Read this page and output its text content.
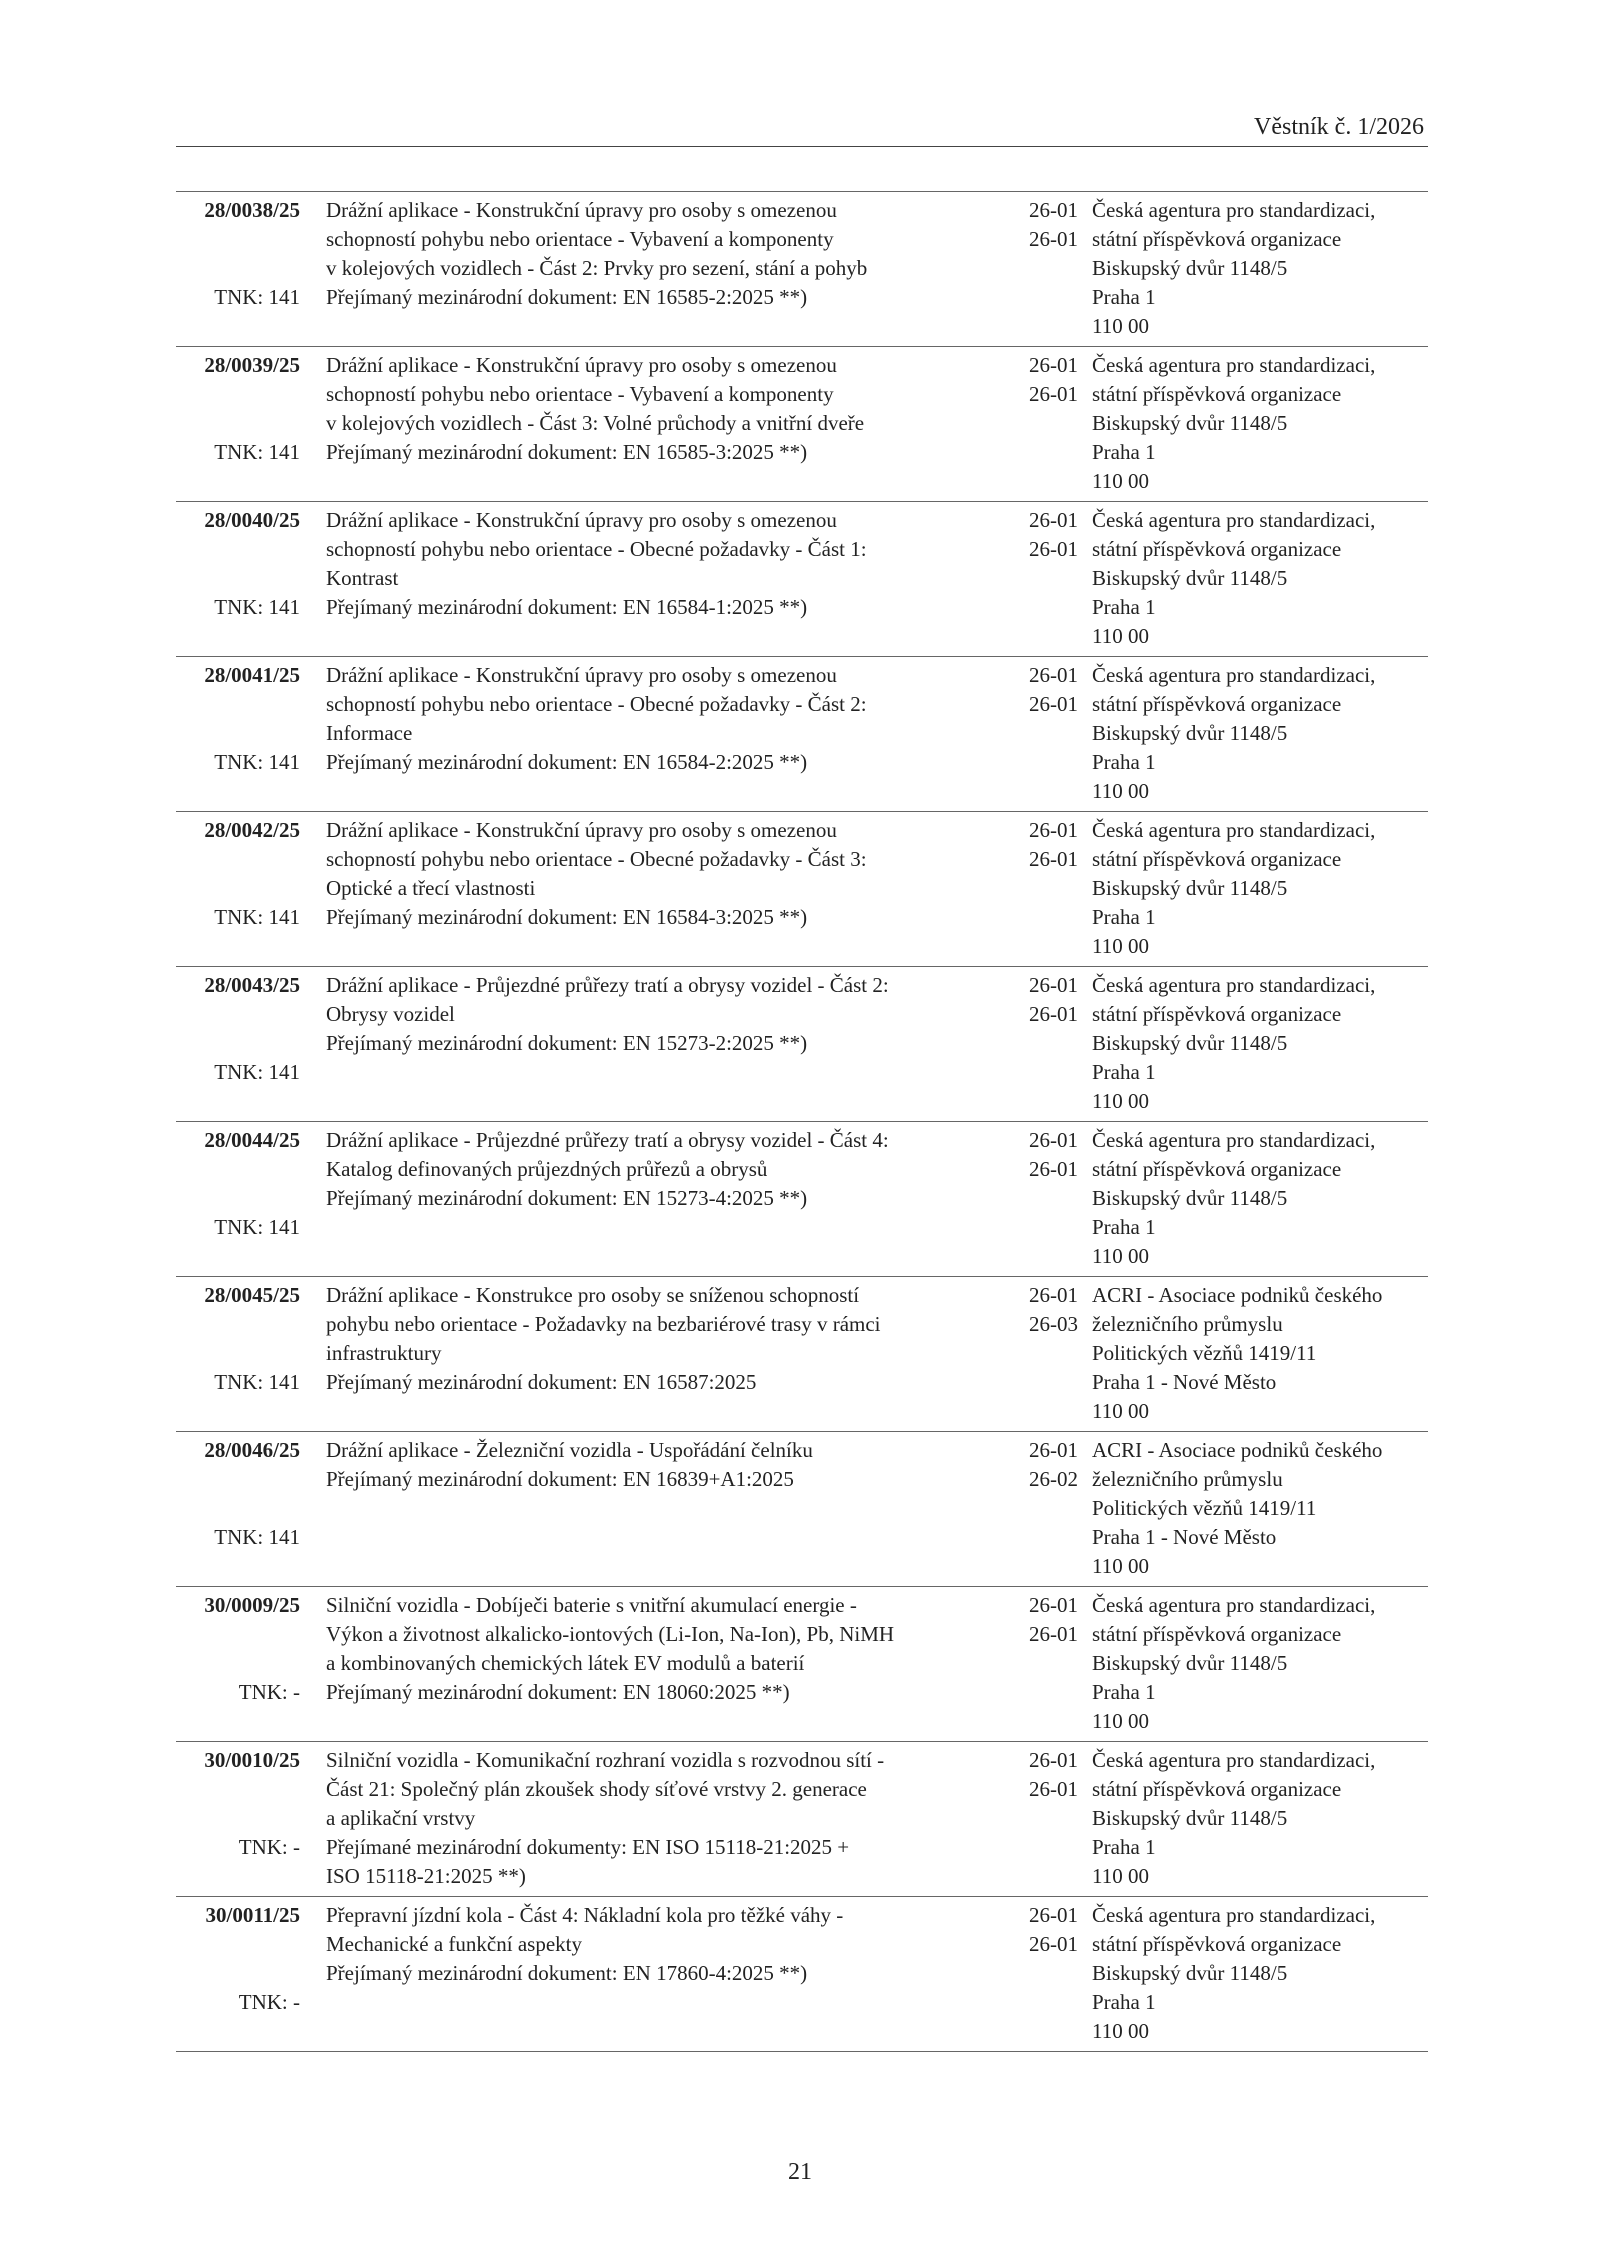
Věstník č. 1/2026
28/0038/25
TNK: 141
Drážní aplikace - Konstrukční úpravy pro osoby s omezenou
schopností pohybu nebo orientace - Vybavení a komponenty
v kolejových vozidlech - Část 2: Prvky pro sezení, stání a pohyb
Přejímaný mezinárodní dokument: EN 16585-2:2025 **)
26-01
26-01
Česká agentura pro standardizaci,
státní příspěvková organizace
Biskupský dvůr 1148/5
Praha 1
110 00
28/0039/25
TNK: 141
Drážní aplikace - Konstrukční úpravy pro osoby s omezenou
schopností pohybu nebo orientace - Vybavení a komponenty
v kolejových vozidlech - Část 3: Volné průchody a vnitřní dveře
Přejímaný mezinárodní dokument: EN 16585-3:2025 **)
26-01
26-01
Česká agentura pro standardizaci,
státní příspěvková organizace
Biskupský dvůr 1148/5
Praha 1
110 00
28/0040/25
TNK: 141
Drážní aplikace - Konstrukční úpravy pro osoby s omezenou
schopností pohybu nebo orientace - Obecné požadavky - Část 1:
Kontrast
Přejímaný mezinárodní dokument: EN 16584-1:2025 **)
26-01
26-01
Česká agentura pro standardizaci,
státní příspěvková organizace
Biskupský dvůr 1148/5
Praha 1
110 00
28/0041/25
TNK: 141
Drážní aplikace - Konstrukční úpravy pro osoby s omezenou
schopností pohybu nebo orientace - Obecné požadavky - Část 2:
Informace
Přejímaný mezinárodní dokument: EN 16584-2:2025 **)
26-01
26-01
Česká agentura pro standardizaci,
státní příspěvková organizace
Biskupský dvůr 1148/5
Praha 1
110 00
28/0042/25
TNK: 141
Drážní aplikace - Konstrukční úpravy pro osoby s omezenou
schopností pohybu nebo orientace - Obecné požadavky - Část 3:
Optické a třecí vlastnosti
Přejímaný mezinárodní dokument: EN 16584-3:2025 **)
26-01
26-01
Česká agentura pro standardizaci,
státní příspěvková organizace
Biskupský dvůr 1148/5
Praha 1
110 00
28/0043/25
TNK: 141
Drážní aplikace - Průjezdné průřezy tratí a obrysy vozidel - Část 2:
Obrysy vozidel
Přejímaný mezinárodní dokument: EN 15273-2:2025 **)
26-01
26-01
Česká agentura pro standardizaci,
státní příspěvková organizace
Biskupský dvůr 1148/5
Praha 1
110 00
28/0044/25
TNK: 141
Drážní aplikace - Průjezdné průřezy tratí a obrysy vozidel - Část 4:
Katalog definovaných průjezdných průřezů a obrysů
Přejímaný mezinárodní dokument: EN 15273-4:2025 **)
26-01
26-01
Česká agentura pro standardizaci,
státní příspěvková organizace
Biskupský dvůr 1148/5
Praha 1
110 00
28/0045/25
TNK: 141
Drážní aplikace - Konstrukce pro osoby se sníženou schopností
pohybu nebo orientace - Požadavky na bezbariérové trasy v rámci
infrastruktury
Přejímaný mezinárodní dokument: EN 16587:2025
26-01
26-03
ACRI - Asociace podniků českého
železničního průmyslu
Politických vězňů 1419/11
Praha 1 - Nové Město
110 00
28/0046/25
TNK: 141
Drážní aplikace - Železniční vozidla - Uspořádání čelníku
Přejímaný mezinárodní dokument: EN 16839+A1:2025
26-01
26-02
ACRI - Asociace podniků českého
železničního průmyslu
Politických vězňů 1419/11
Praha 1 - Nové Město
110 00
30/0009/25
TNK: -
Silniční vozidla - Dobíječi baterie s vnitřní akumulací energie -
Výkon a životnost alkalicko-iontových (Li-Ion, Na-Ion), Pb, NiMH
a kombinovaných chemických látek EV modulů a baterií
Přejímaný mezinárodní dokument: EN 18060:2025 **)
26-01
26-01
Česká agentura pro standardizaci,
státní příspěvková organizace
Biskupský dvůr 1148/5
Praha 1
110 00
30/0010/25
TNK: -
Silniční vozidla - Komunikační rozhraní vozidla s rozvodnou sítí -
Část 21: Společný plán zkoušek shody síťové vrstvy 2. generace
a aplikační vrstvy
Přejímané mezinárodní dokumenty: EN ISO 15118-21:2025 +
ISO 15118-21:2025 **)
26-01
26-01
Česká agentura pro standardizaci,
státní příspěvková organizace
Biskupský dvůr 1148/5
Praha 1
110 00
30/0011/25
TNK: -
Přepravní jízdní kola - Část 4: Nákladní kola pro těžké váhy -
Mechanické a funkční aspekty
Přejímaný mezinárodní dokument: EN 17860-4:2025 **)
26-01
26-01
Česká agentura pro standardizaci,
státní příspěvková organizace
Biskupský dvůr 1148/5
Praha 1
110 00
21
